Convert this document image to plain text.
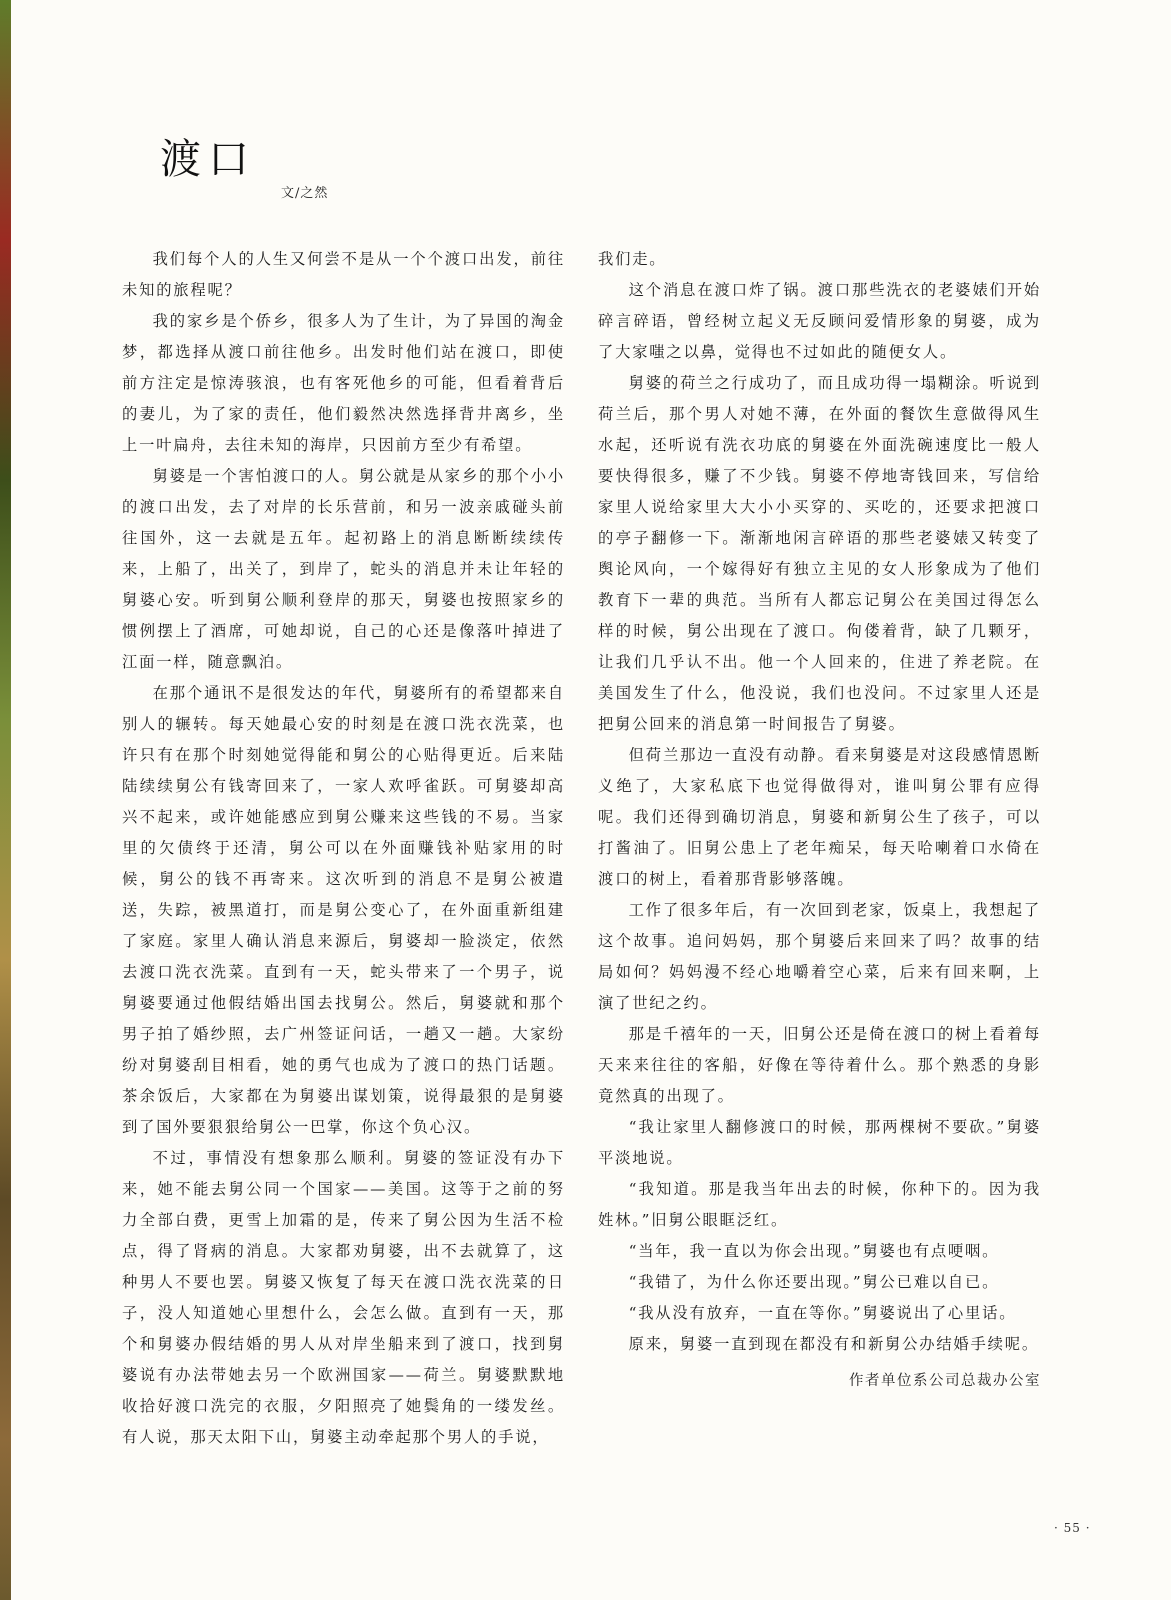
渡口
文/之然

我们每个人的人生又何尝不是从一个个渡口出发，前往未知的旅程呢？

我的家乡是个侨乡，很多人为了生计，为了异国的淘金梦，都选择从渡口前往他乡。出发时他们站在渡口，即使前方注定是惊涛骇浪，也有客死他乡的可能，但看着背后的妻儿，为了家的责任，他们毅然决然选择背井离乡，坐上一叶扁舟，去往未知的海岸，只因前方至少有希望。

舅婆是一个害怕渡口的人。舅公就是从家乡的那个小小的渡口出发，去了对岸的长乐营前，和另一波亲戚碰头前往国外，这一去就是五年。起初路上的消息断断续续传来，上船了，出关了，到岸了，蛇头的消息并未让年轻的舅婆心安。听到舅公顺利登岸的那天，舅婆也按照家乡的惯例摆上了酒席，可她却说，自己的心还是像落叶掉进了江面一样，随意飘泊。

在那个通讯不是很发达的年代，舅婆所有的希望都来自别人的辗转。每天她最心安的时刻是在渡口洗衣洗菜，也许只有在那个时刻她觉得能和舅公的心贴得更近。后来陆陆续续舅公有钱寄回来了，一家人欢呼雀跃。可舅婆却高兴不起来，或许她能感应到舅公赚来这些钱的不易。当家里的欠债终于还清，舅公可以在外面赚钱补贴家用的时候，舅公的钱不再寄来。这次听到的消息不是舅公被遣送，失踪，被黑道打，而是舅公变心了，在外面重新组建了家庭。家里人确认消息来源后，舅婆却一脸淡定，依然去渡口洗衣洗菜。直到有一天，蛇头带来了一个男子，说舅婆要通过他假结婚出国去找舅公。然后，舅婆就和那个男子拍了婚纱照，去广州签证问话，一趟又一趟。大家纷纷对舅婆刮目相看，她的勇气也成为了渡口的热门话题。茶余饭后，大家都在为舅婆出谋划策，说得最狠的是舅婆到了国外要狠狠给舅公一巴掌，你这个负心汉。

不过，事情没有想象那么顺利。舅婆的签证没有办下来，她不能去舅公同一个国家——美国。这等于之前的努力全部白费，更雪上加霜的是，传来了舅公因为生活不检点，得了肾病的消息。大家都劝舅婆，出不去就算了，这种男人不要也罢。舅婆又恢复了每天在渡口洗衣洗菜的日子，没人知道她心里想什么，会怎么做。直到有一天，那个和舅婆办假结婚的男人从对岸坐船来到了渡口，找到舅婆说有办法带她去另一个欧洲国家——荷兰。舅婆默默地收拾好渡口洗完的衣服，夕阳照亮了她鬓角的一缕发丝。有人说，那天太阳下山，舅婆主动牵起那个男人的手说，

我们走。

这个消息在渡口炸了锅。渡口那些洗衣的老婆婊们开始碎言碎语，曾经树立起义无反顾问爱情形象的舅婆，成为了大家嗤之以鼻，觉得也不过如此的随便女人。

舅婆的荷兰之行成功了，而且成功得一塌糊涂。听说到荷兰后，那个男人对她不薄，在外面的餐饮生意做得风生水起，还听说有洗衣功底的舅婆在外面洗碗速度比一般人要快得很多，赚了不少钱。舅婆不停地寄钱回来，写信给家里人说给家里大大小小买穿的、买吃的，还要求把渡口的亭子翻修一下。渐渐地闲言碎语的那些老婆婊又转变了舆论风向，一个嫁得好有独立主见的女人形象成为了他们教育下一辈的典范。当所有人都忘记舅公在美国过得怎么样的时候，舅公出现在了渡口。佝偻着背，缺了几颗牙，让我们几乎认不出。他一个人回来的，住进了养老院。在美国发生了什么，他没说，我们也没问。不过家里人还是把舅公回来的消息第一时间报告了舅婆。

但荷兰那边一直没有动静。看来舅婆是对这段感情恩断义绝了，大家私底下也觉得做得对，谁叫舅公罪有应得呢。我们还得到确切消息，舅婆和新舅公生了孩子，可以打酱油了。旧舅公患上了老年痴呆，每天哈喇着口水倚在渡口的树上，看着那背影够落魄。

工作了很多年后，有一次回到老家，饭桌上，我想起了这个故事。追问妈妈，那个舅婆后来回来了吗？故事的结局如何？妈妈漫不经心地嚼着空心菜，后来有回来啊，上演了世纪之约。

那是千禧年的一天，旧舅公还是倚在渡口的树上看着每天来来往往的客船，好像在等待着什么。那个熟悉的身影竟然真的出现了。

“我让家里人翻修渡口的时候，那两棵树不要砍。”舅婆平淡地说。

“我知道。那是我当年出去的时候，你种下的。因为我姓林。”旧舅公眼眶泛红。

“当年，我一直以为你会出现。”舅婆也有点哽咽。

“我错了，为什么你还要出现。”舅公已难以自已。

“我从没有放弃，一直在等你。”舅婆说出了心里话。

原来，舅婆一直到现在都没有和新舅公办结婚手续呢。

作者单位系公司总裁办公室
· 55 ·
